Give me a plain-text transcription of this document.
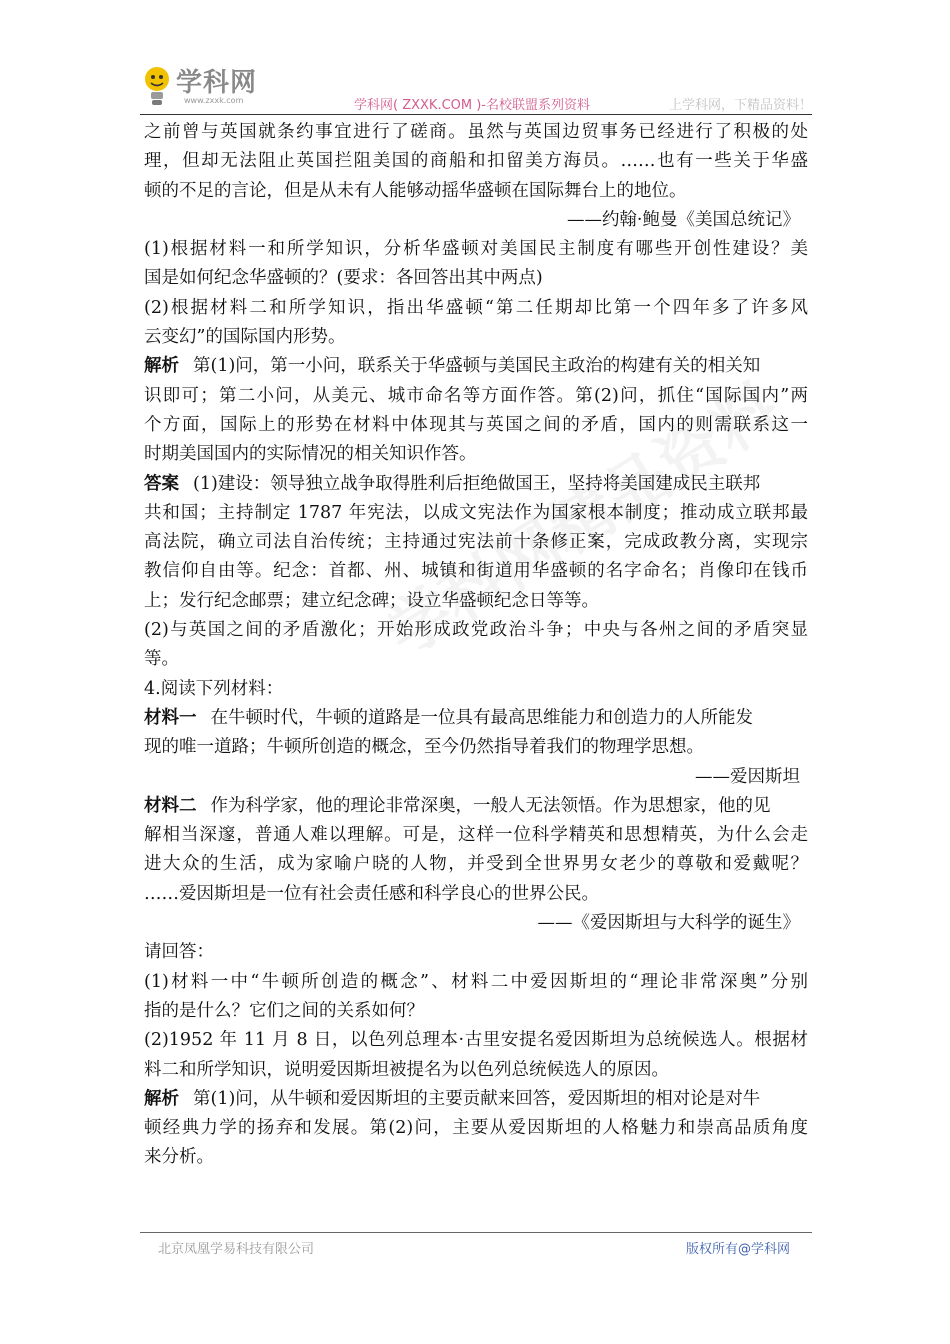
学科网
www.zxxk.com	学科网( ZXXK.COM )-名校联盟系列资料	上学科网，下精品资料！
之前曾与英国就条约事宜进行了磋商。虽然与英国边贸事务已经进行了积极的处
理，但却无法阻止英国拦阻美国的商船和扣留美方海员。……也有一些关于华盛
顿的不足的言论，但是从未有人能够动摇华盛顿在国际舞台上的地位。
——约翰·鲍曼《美国总统记》
(1)根据材料一和所学知识，分析华盛顿对美国民主制度有哪些开创性建设？美
国是如何纪念华盛顿的？(要求：各回答出其中两点)
(2)根据材料二和所学知识，指出华盛顿“第二任期却比第一个四年多了许多风
云变幻”的国际国内形势。
解析 第(1)问，第一小问，联系关于华盛顿与美国民主政治的构建有关的相关知
识即可；第二小问，从美元、城市命名等方面作答。第(2)问，抓住“国际国内”两
个方面，国际上的形势在材料中体现其与英国之间的矛盾，国内的则需联系这一
时期美国国内的实际情况的相关知识作答。
答案 (1)建设：领导独立战争取得胜利后拒绝做国王，坚持将美国建成民主联邦
共和国；主持制定 1787 年宪法，以成文宪法作为国家根本制度；推动成立联邦最
高法院，确立司法自治传统；主持通过宪法前十条修正案，完成政教分离，实现宗
教信仰自由等。纪念：首都、州、城镇和街道用华盛顿的名字命名；肖像印在钱币
上；发行纪念邮票；建立纪念碑；设立华盛顿纪念日等等。
(2)与英国之间的矛盾激化；开始形成政党政治斗争；中央与各州之间的矛盾突显
等。
4.阅读下列材料：
材料一 在牛顿时代，牛顿的道路是一位具有最高思维能力和创造力的人所能发
现的唯一道路；牛顿所创造的概念，至今仍然指导着我们的物理学思想。
——爱因斯坦
材料二 作为科学家，他的理论非常深奥，一般人无法领悟。作为思想家，他的见
解相当深邃，普通人难以理解。可是，这样一位科学精英和思想精英，为什么会走
进大众的生活，成为家喻户晓的人物，并受到全世界男女老少的尊敬和爱戴呢？
……爱因斯坦是一位有社会责任感和科学良心的世界公民。
——《爱因斯坦与大科学的诞生》
请回答：
(1)材料一中“牛顿所创造的概念”、材料二中爱因斯坦的“理论非常深奥”分别
指的是什么？它们之间的关系如何？
(2)1952 年 11 月 8 日，以色列总理本·古里安提名爱因斯坦为总统候选人。根据材
料二和所学知识，说明爱因斯坦被提名为以色列总统候选人的原因。
解析 第(1)问，从牛顿和爱因斯坦的主要贡献来回答，爱因斯坦的相对论是对牛
顿经典力学的扬弃和发展。第(2)问，主要从爱因斯坦的人格魅力和崇高品质角度
来分析。
北京凤凰学易科技有限公司	版权所有@学科网
